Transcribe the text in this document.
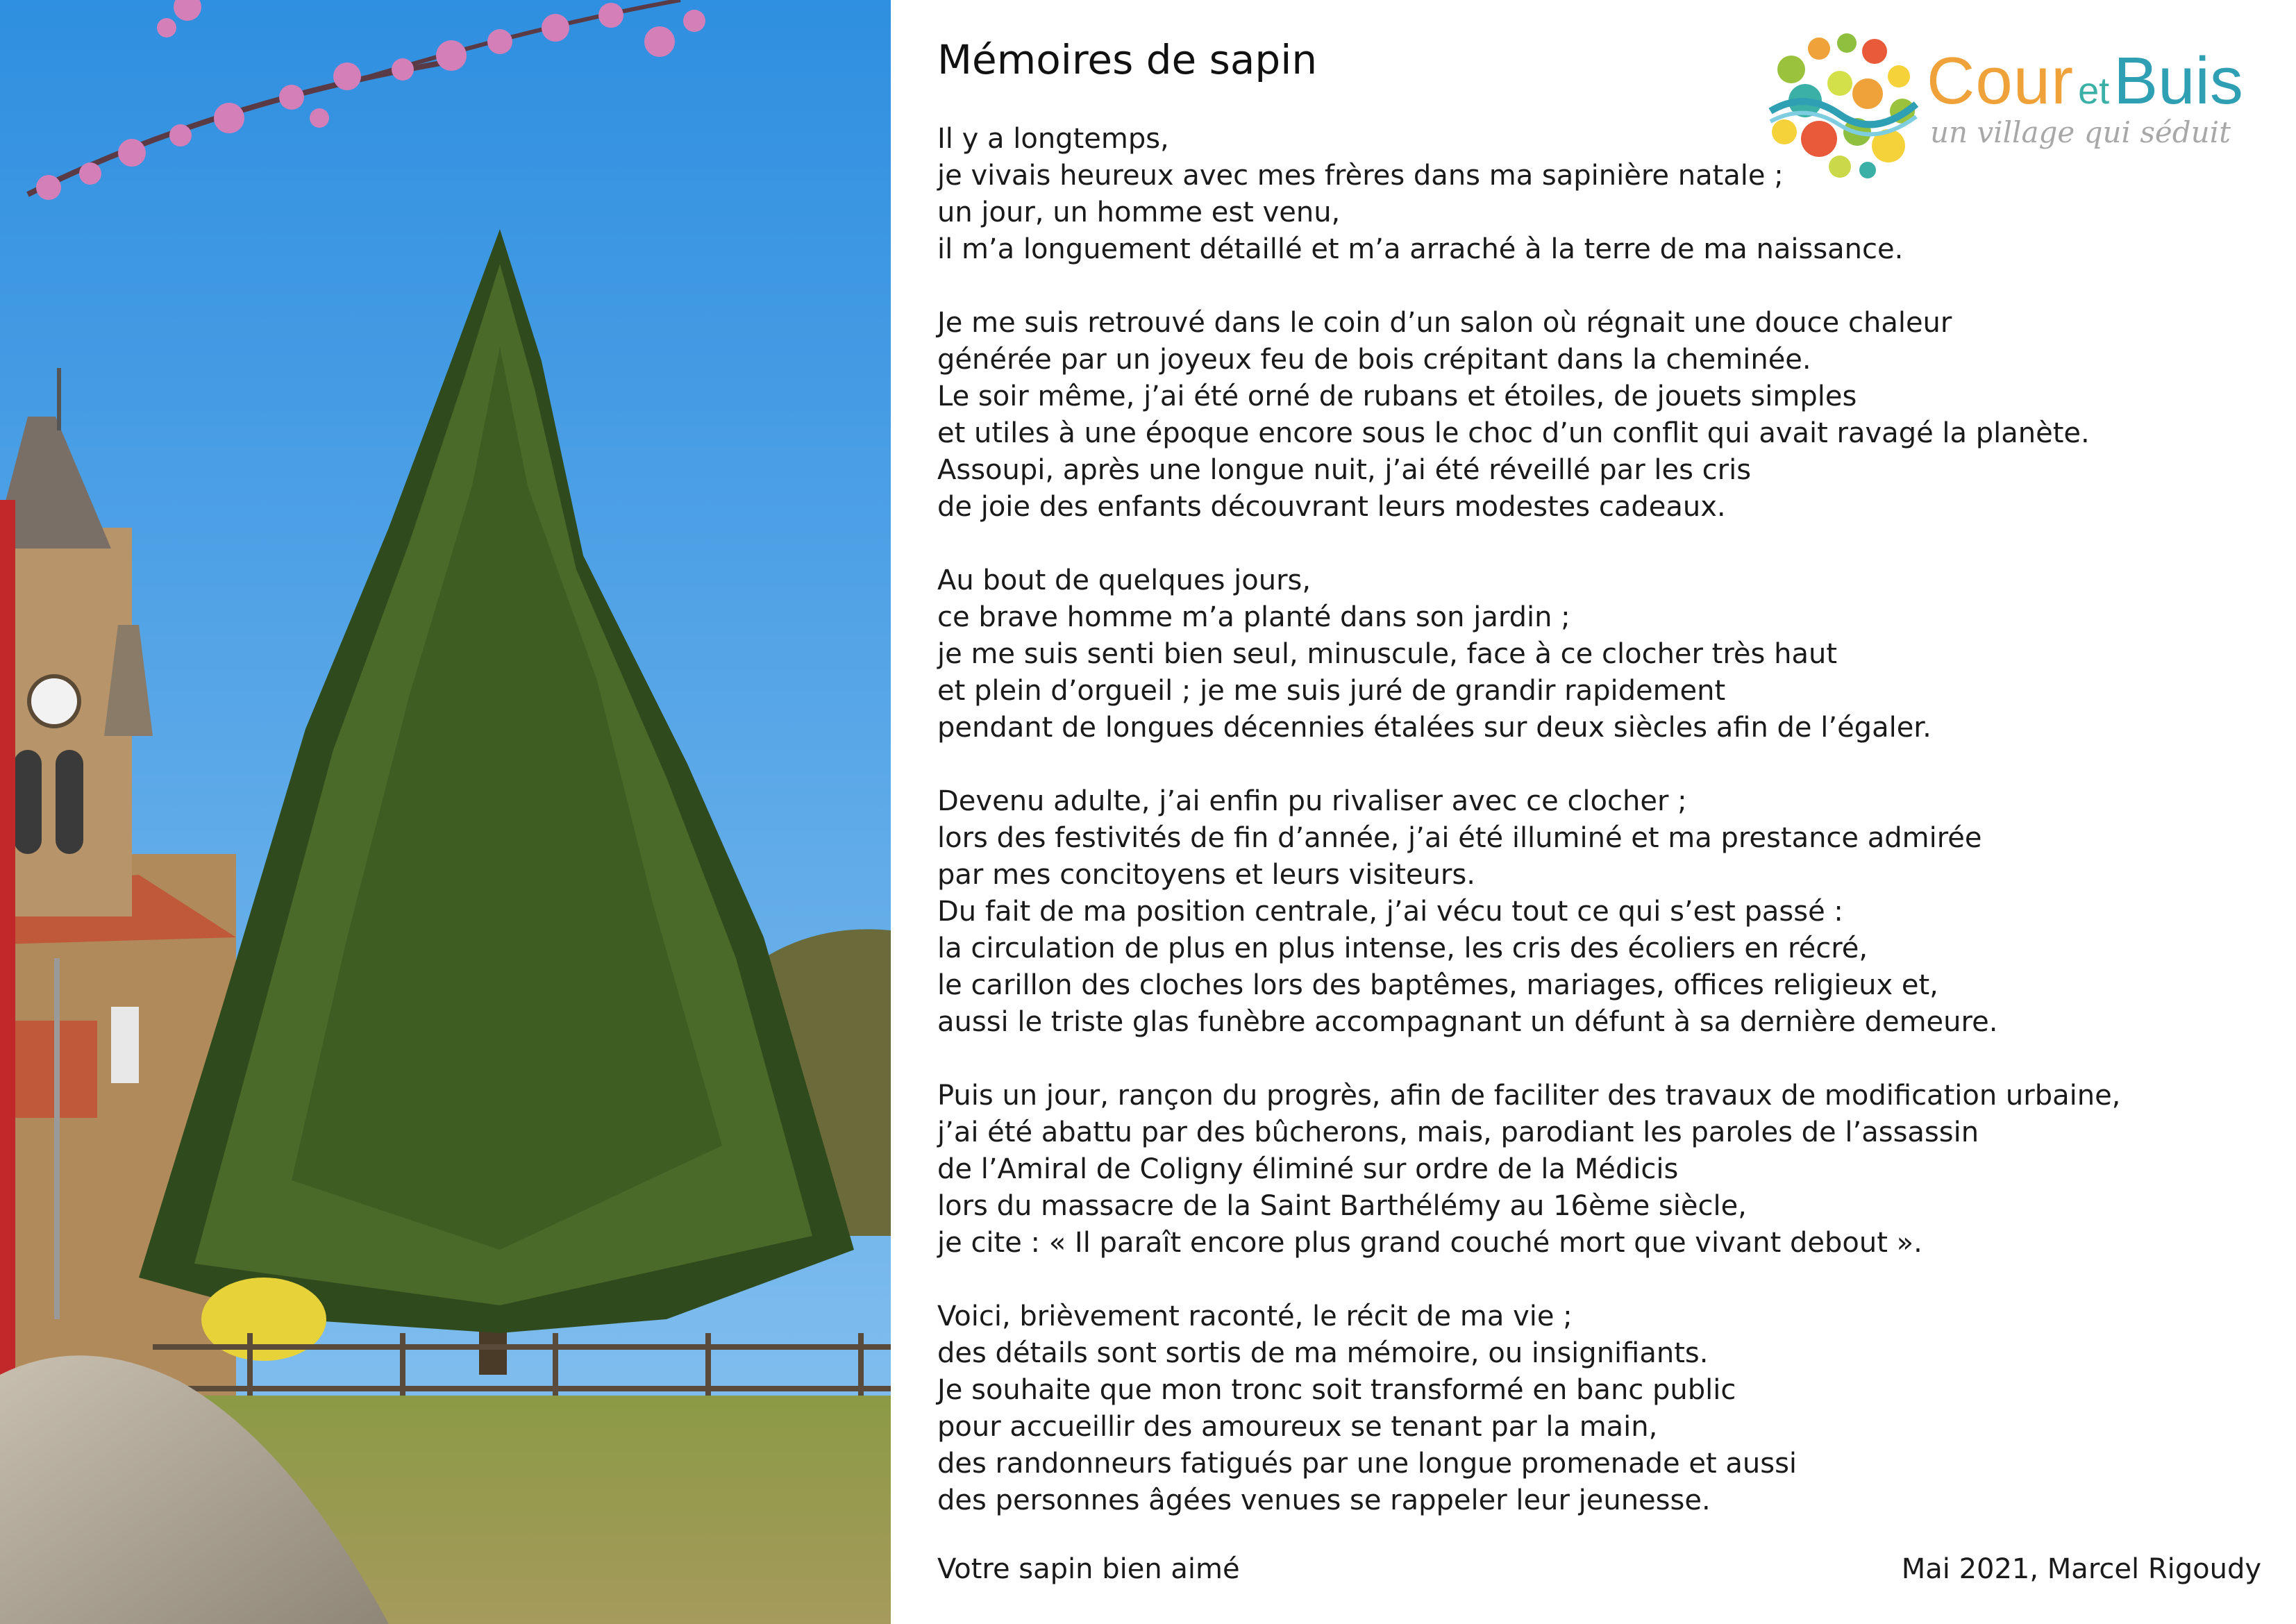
Cour etBuis
un village qui séduit
Mémoires de sapin
Il y a longtemps,
je vivais heureux avec mes frères dans ma sapinière natale ;
un jour, un homme est venu,
il m’a longuement détaillé et m’a arraché à la terre de ma naissance.
Je me suis retrouvé dans le coin d’un salon où régnait une douce chaleur
générée par un joyeux feu de bois crépitant dans la cheminée.
Le soir même, j’ai été orné de rubans et étoiles, de jouets simples
et utiles à une époque encore sous le choc d’un conflit qui avait ravagé la planète.
Assoupi, après une longue nuit, j’ai été réveillé par les cris
de joie des enfants découvrant leurs modestes cadeaux.
Au bout de quelques jours,
ce brave homme m’a planté dans son jardin ;
je me suis senti bien seul, minuscule, face à ce clocher très haut
et plein d’orgueil ; je me suis juré de grandir rapidement
pendant de longues décennies étalées sur deux siècles afin de l’égaler.
Devenu adulte, j’ai enfin pu rivaliser avec ce clocher ;
lors des festivités de fin d’année, j’ai été illuminé et ma prestance admirée
par mes concitoyens et leurs visiteurs.
Du fait de ma position centrale, j’ai vécu tout ce qui s’est passé :
la circulation de plus en plus intense, les cris des écoliers en récré,
le carillon des cloches lors des baptêmes, mariages, offices religieux et,
aussi le triste glas funèbre accompagnant un défunt à sa dernière demeure.
Puis un jour, rançon du progrès, afin de faciliter des travaux de modification urbaine,
j’ai été abattu par des bûcherons, mais, parodiant les paroles de l’assassin
de l’Amiral de Coligny éliminé sur ordre de la Médicis
lors du massacre de la Saint Barthélémy au 16ème siècle,
je cite : « Il paraît encore plus grand couché mort que vivant debout ».
Voici, brièvement raconté, le récit de ma vie ;
des détails sont sortis de ma mémoire, ou insignifiants.
Je souhaite que mon tronc soit transformé en banc public
pour accueillir des amoureux se tenant par la main,
des randonneurs fatigués par une longue promenade et aussi
des personnes âgées venues se rappeler leur jeunesse.
Votre sapin bien aimé	Mai 2021, Marcel Rigoudy
